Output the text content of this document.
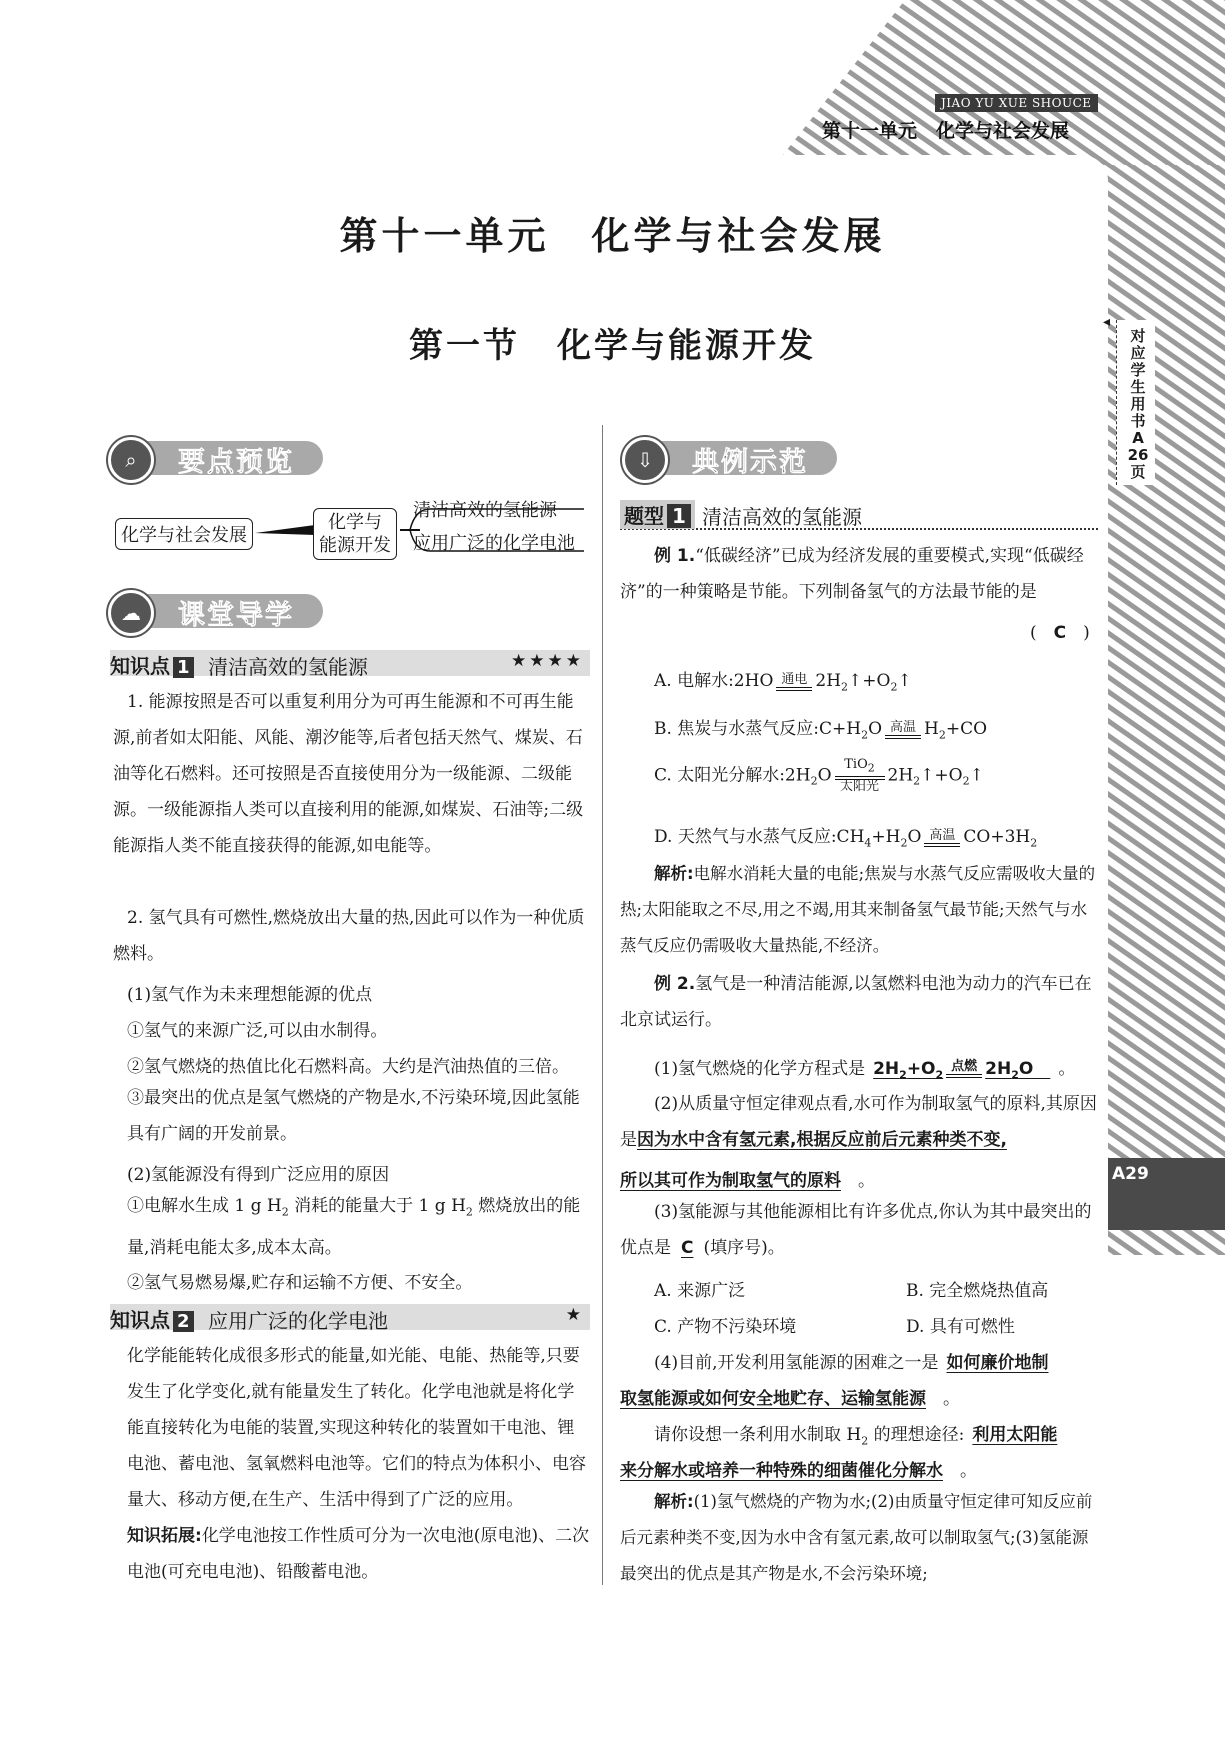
JIAO YU XUE SHOUCE
第十一单元　化学与社会发展
◂
对应学生用书A26页
A29
第十一单元　化学与社会发展
第一节　化学与能源开发
⌕	要点预览
化学与社会发展
化学与
能源开发
清洁高效的氢能源
应用广泛的化学电池
☁	课堂导学
知识点 1 清洁高效的氢能源	★★★★
1. 能源按照是否可以重复利用分为可再生能源和不可再生能源,前者如太阳能、风能、潮汐能等,后者包括天然气、煤炭、石油等化石燃料。还可按照是否直接使用分为一级能源、二级能源。一级能源指人类可以直接利用的能源,如煤炭、石油等;二级能源指人类不能直接获得的能源,如电能等。
2. 氢气具有可燃性,燃烧放出大量的热,因此可以作为一种优质燃料。
(1)氢气作为未来理想能源的优点
①氢气的来源广泛,可以由水制得。
②氢气燃烧的热值比化石燃料高。大约是汽油热值的三倍。
③最突出的优点是氢气燃烧的产物是水,不污染环境,因此氢能具有广阔的开发前景。
(2)氢能源没有得到广泛应用的原因
①电解水生成 1 g $H_2$ 消耗的能量大于 1 g $H_2$ 燃烧放出的能量,消耗电能太多,成本太高。
②氢气易燃易爆,贮存和运输不方便、不安全。
知识点 2 应用广泛的化学电池	★
化学能能转化成很多形式的能量,如光能、电能、热能等,只要发生了化学变化,就有能量发生了转化。化学电池就是将化学能直接转化为电能的装置,实现这种转化的装置如干电池、锂电池、蓄电池、氢氧燃料电池等。它们的特点为体积小、电容量大、移动方便,在生产、生活中得到了广泛的应用。
知识拓展:化学电池按工作性质可分为一次电池(原电池)、二次电池(可充电电池)、铅酸蓄电池。
⇩	典例示范
题型 1 清洁高效的氢能源
例 1.“低碳经济”已成为经济发展的重要模式,实现“低碳经济”的一种策略是节能。下列制备氢气的方法最节能的是
(　C　)
A. 电解水:2HO 通电 $2H_2↑+O_2↑$
B. 焦炭与水蒸气反应$:C+H_2O$ 高温 $H_2+CO$
C. 太阳光分解水$:2H_2O$
TiO$_2$
太阳光
$2H_2↑+O_2↑$
D. 天然气与水蒸气反应$:CH_4+H_2O$ 高温 $CO+3H_2$
解析:电解水消耗大量的电能;焦炭与水蒸气反应需吸收大量的热;太阳能取之不尽,用之不竭,用其来制备氢气最节能;天然气与水蒸气反应仍需吸收大量热能,不经济。
例 2.氢气是一种清洁能源,以氢燃料电池为动力的汽车已在北京试运行。
(1)氢气燃烧的化学方程式是 $2H_2+O_2$
点燃 $2H_2O$　。
(2)从质量守恒定律观点看,水可作为制取氢气的原料,其原因是因为水中含有氢元素,根据反应前后元素种类不变,
所以其可作为制取氢气的原料　。
(3)氢能源与其他能源相比有许多优点,你认为其中最突出的优点是 C (填序号)。
A. 来源广泛	B. 完全燃烧热值高
C. 产物不污染环境	D. 具有可燃性
(4)目前,开发利用氢能源的困难之一是 如何廉价地制
取氢能源或如何安全地贮存、运输氢能源　。
请你设想一条利用水制取 $H_2$ 的理想途径: 利用太阳能
来分解水或培养一种特殊的细菌催化分解水　。
解析:(1)氢气燃烧的产物为水;(2)由质量守恒定律可知反应前后元素种类不变,因为水中含有氢元素,故可以制取氢气;(3)氢能源最突出的优点是其产物是水,不会污染环境;
